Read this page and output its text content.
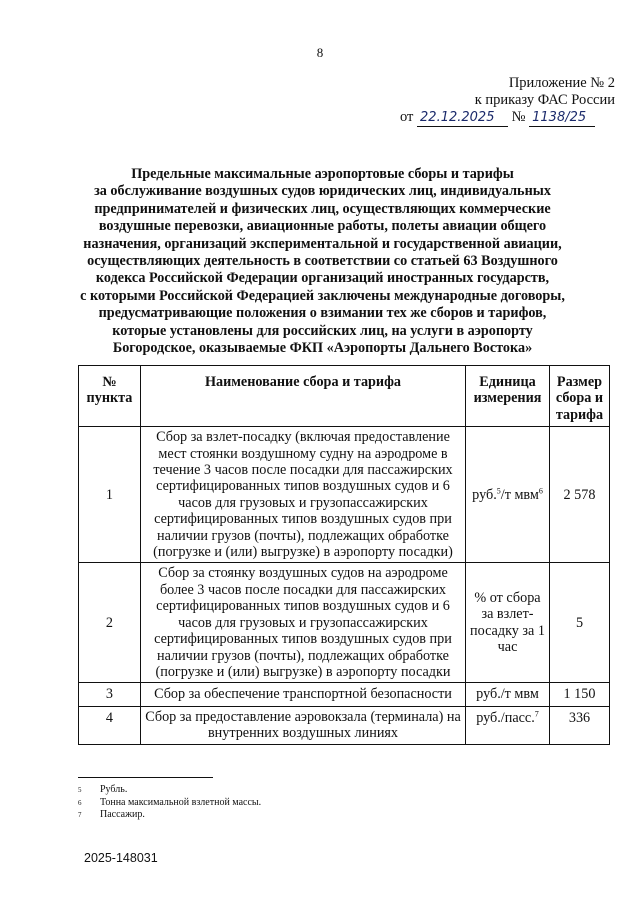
8
Приложение № 2
к приказу ФАС России
от 22.12.2025 № 1138/25
Предельные максимальные аэропортовые сборы и тарифы
за обслуживание воздушных судов юридических лиц, индивидуальных
предпринимателей и физических лиц, осуществляющих коммерческие
воздушные перевозки, авиационные работы, полеты авиации общего
назначения, организаций экспериментальной и государственной авиации,
осуществляющих деятельность в соответствии со статьей 63 Воздушного
кодекса Российской Федерации организаций иностранных государств,
с которыми Российской Федерацией заключены международные договоры,
предусматривающие положения о взимании тех же сборов и тарифов,
которые установлены для российских лиц, на услуги в аэропорту
Богородское, оказываемые ФКП «Аэропорты Дальнего Востока»
№ пункта	Наименование сбора и тарифа	Единица измерения	Размер сбора и тарифа
1	Сбор за взлет-посадку (включая предоставление мест стоянки воздушному судну на аэродроме в течение 3 часов после посадки для пассажирских сертифицированных типов воздушных судов и 6 часов для грузовых и грузопассажирских сертифицированных типов воздушных судов при наличии грузов (почты), подлежащих обработке (погрузке и (или) выгрузке) в аэропорту посадки)	руб.$^5$/т мвм$^6$	2 578
2	Сбор за стоянку воздушных судов на аэродроме более 3 часов после посадки для пассажирских сертифицированных типов воздушных судов и 6 часов для грузовых и грузопассажирских сертифицированных типов воздушных судов при наличии грузов (почты), подлежащих обработке (погрузке и (или) выгрузке) в аэропорту посадки	% от сбора за взлет-посадку за 1 час	5
3	Сбор за обеспечение транспортной безопасности	руб./т мвм	1 150
4	Сбор за предоставление аэровокзала (терминала) на внутренних воздушных линиях	руб./пасс.$^7$	336
5	Рубль.
6	Тонна максимальной взлетной массы.
7	Пассажир.
2025-148031
